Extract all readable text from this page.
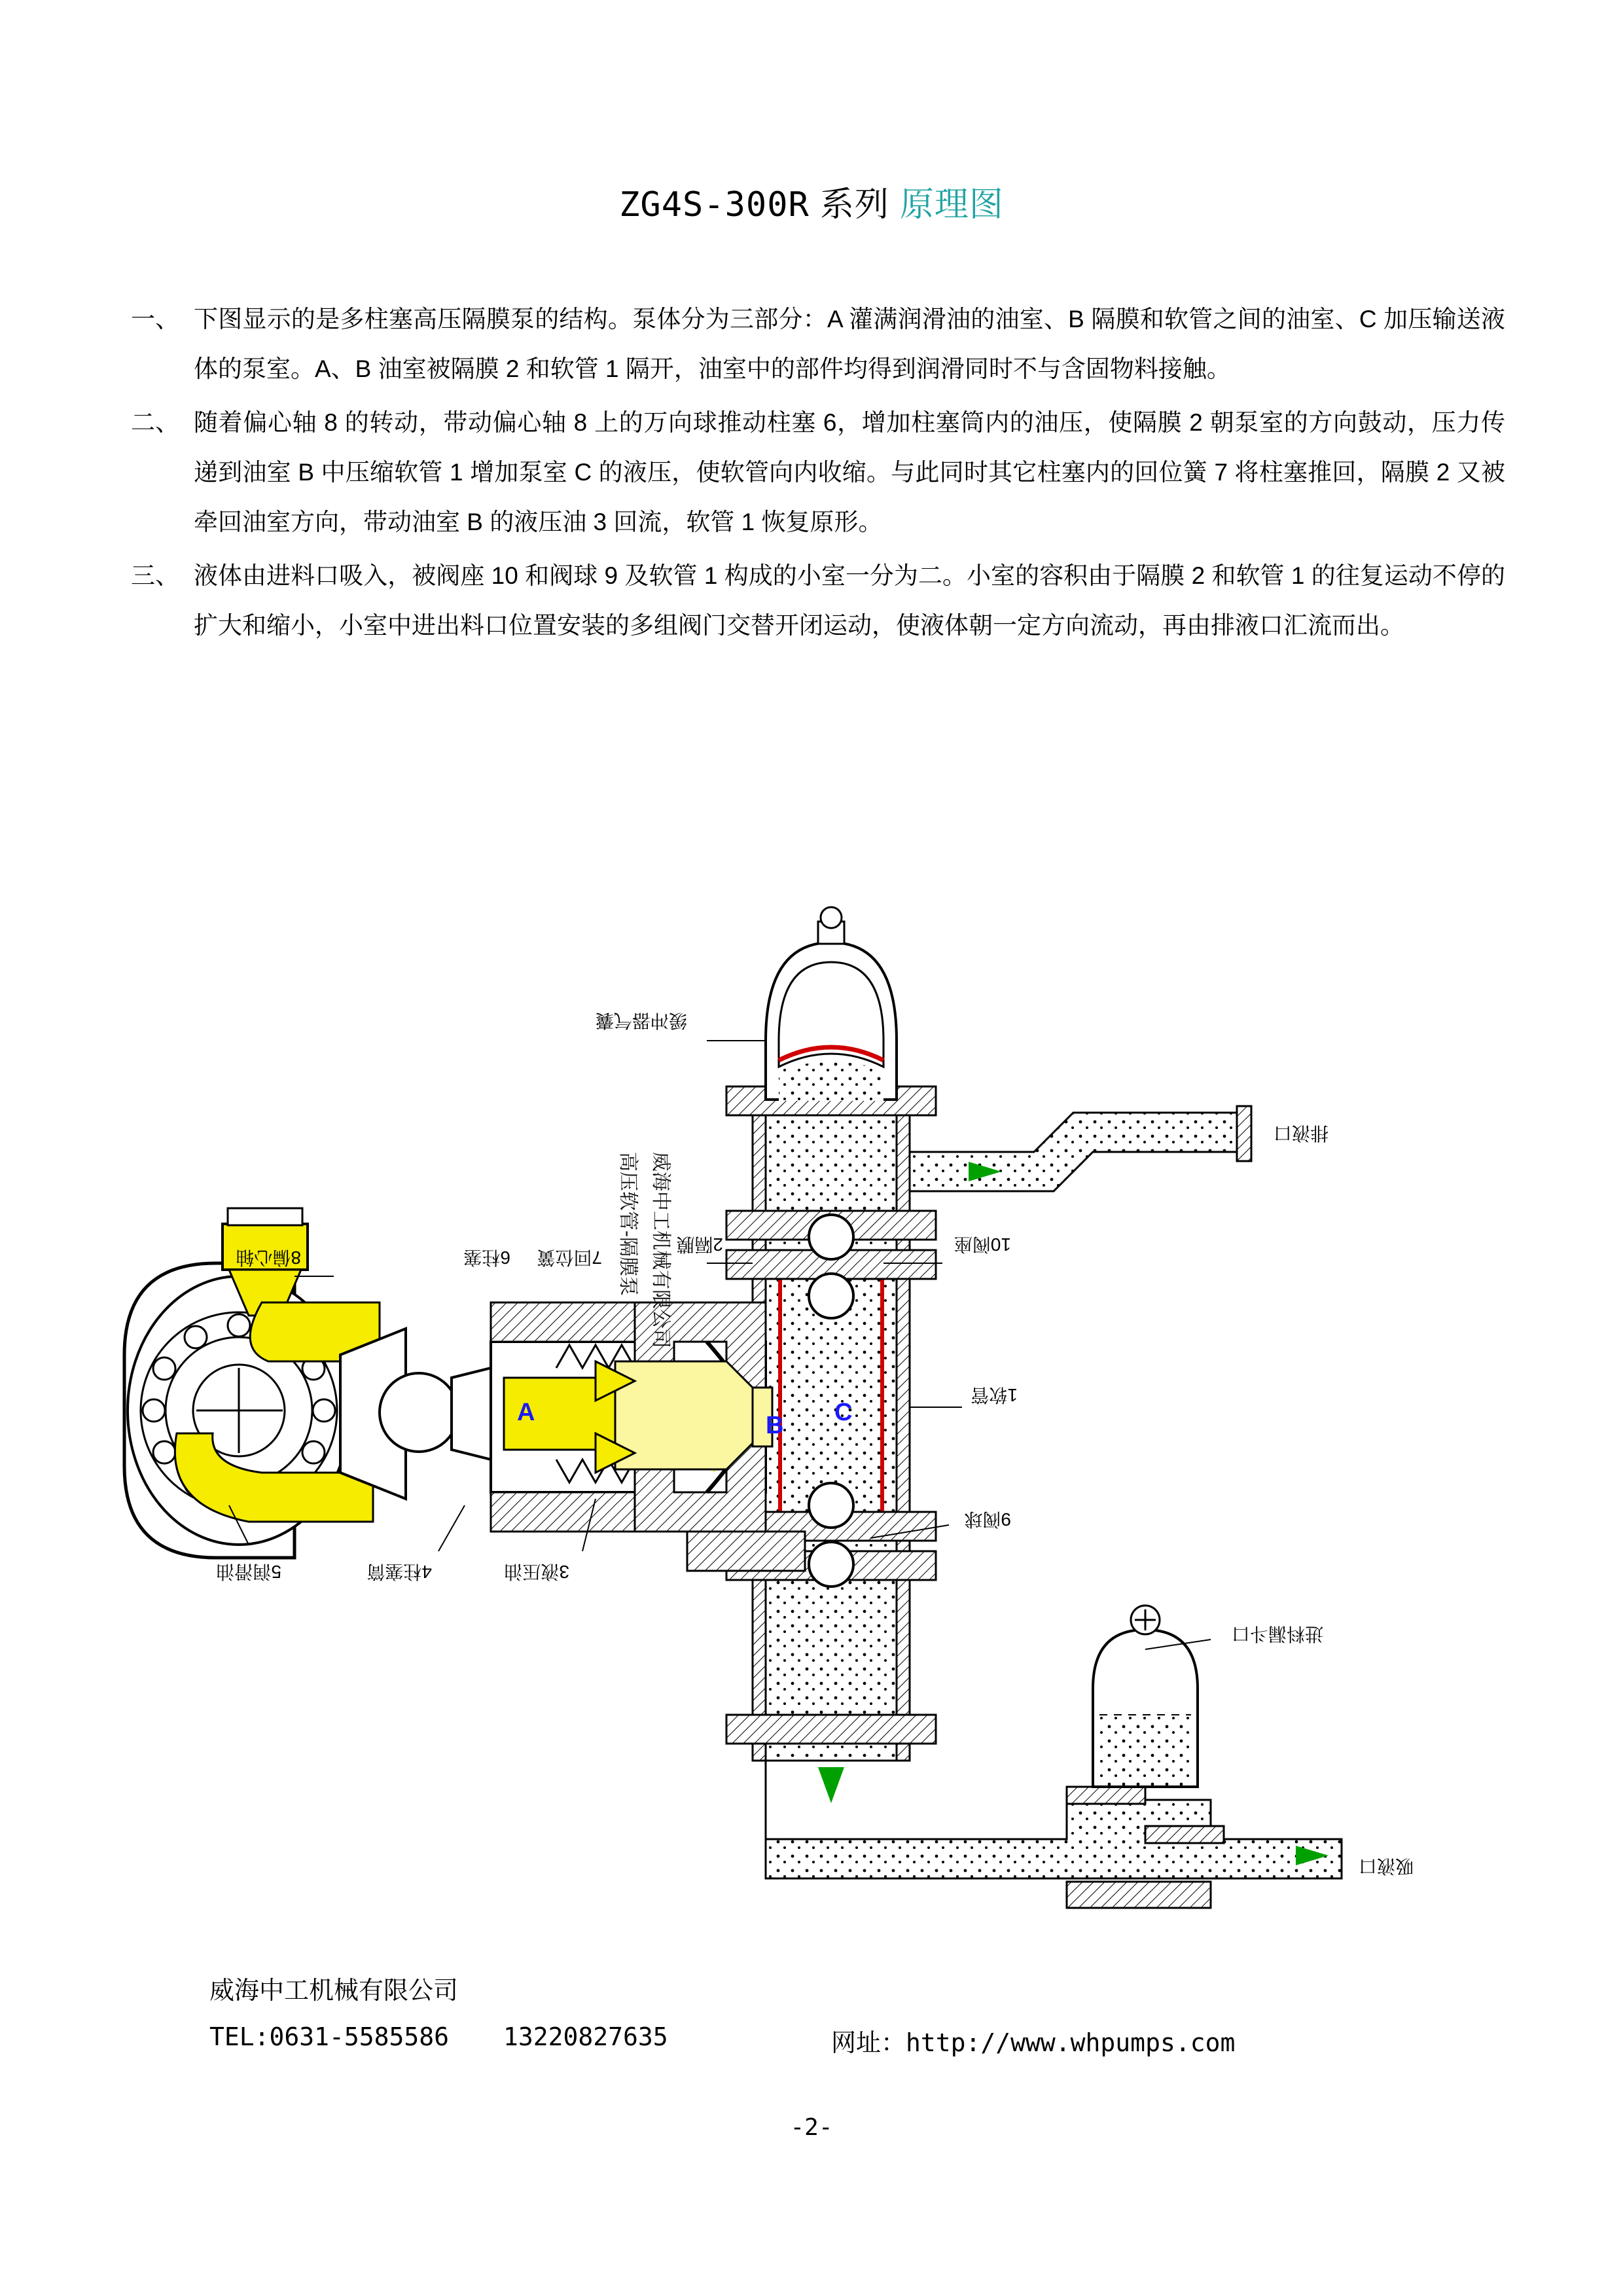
ZG4S-300R 系列 原理图
一、 下图显示的是多柱塞高压隔膜泵的结构。泵体分为三部分：A 灌满润滑油的油室、B 隔膜和软管之间的油室、C 加压输送液体的泵室。A、B 油室被隔膜 2 和软管 1 隔开，油室中的部件均得到润滑同时不与含固物料接触。
二、 随着偏心轴 8 的转动，带动偏心轴 8 上的万向球推动柱塞 6，增加柱塞筒内的油压，使隔膜 2 朝泵室的方向鼓动，压力传递到油室 B 中压缩软管 1 增加泵室 C 的液压，使软管向内收缩。与此同时其它柱塞内的回位簧 7 将柱塞推回，隔膜 2 又被牵回油室方向，带动油室 B 的液压油 3 回流，软管 1 恢复原形。
三、 液体由进料口吸入，被阀座 10 和阀球 9 及软管 1 构成的小室一分为二。小室的容积由于隔膜 2 和软管 1 的往复运动不停的扩大和缩小，小室中进出料口位置安装的多组阀门交替开闭运动，使液体朝一定方向流动，再由排液口汇流而出。
威海中工机械有限公司
高压软管-隔膜泵
缓冲器气囊
2隔膜	10阀座
1软管
9阀球
进料漏斗口
排液口
吸液口
8偏心轴	6柱塞 7回位簧
5润滑油	4柱塞筒	3液压油
A	B C
威海中工机械有限公司
TEL:0631-5585586 13220827635	网址：http://www.whpumps.com
-2-
